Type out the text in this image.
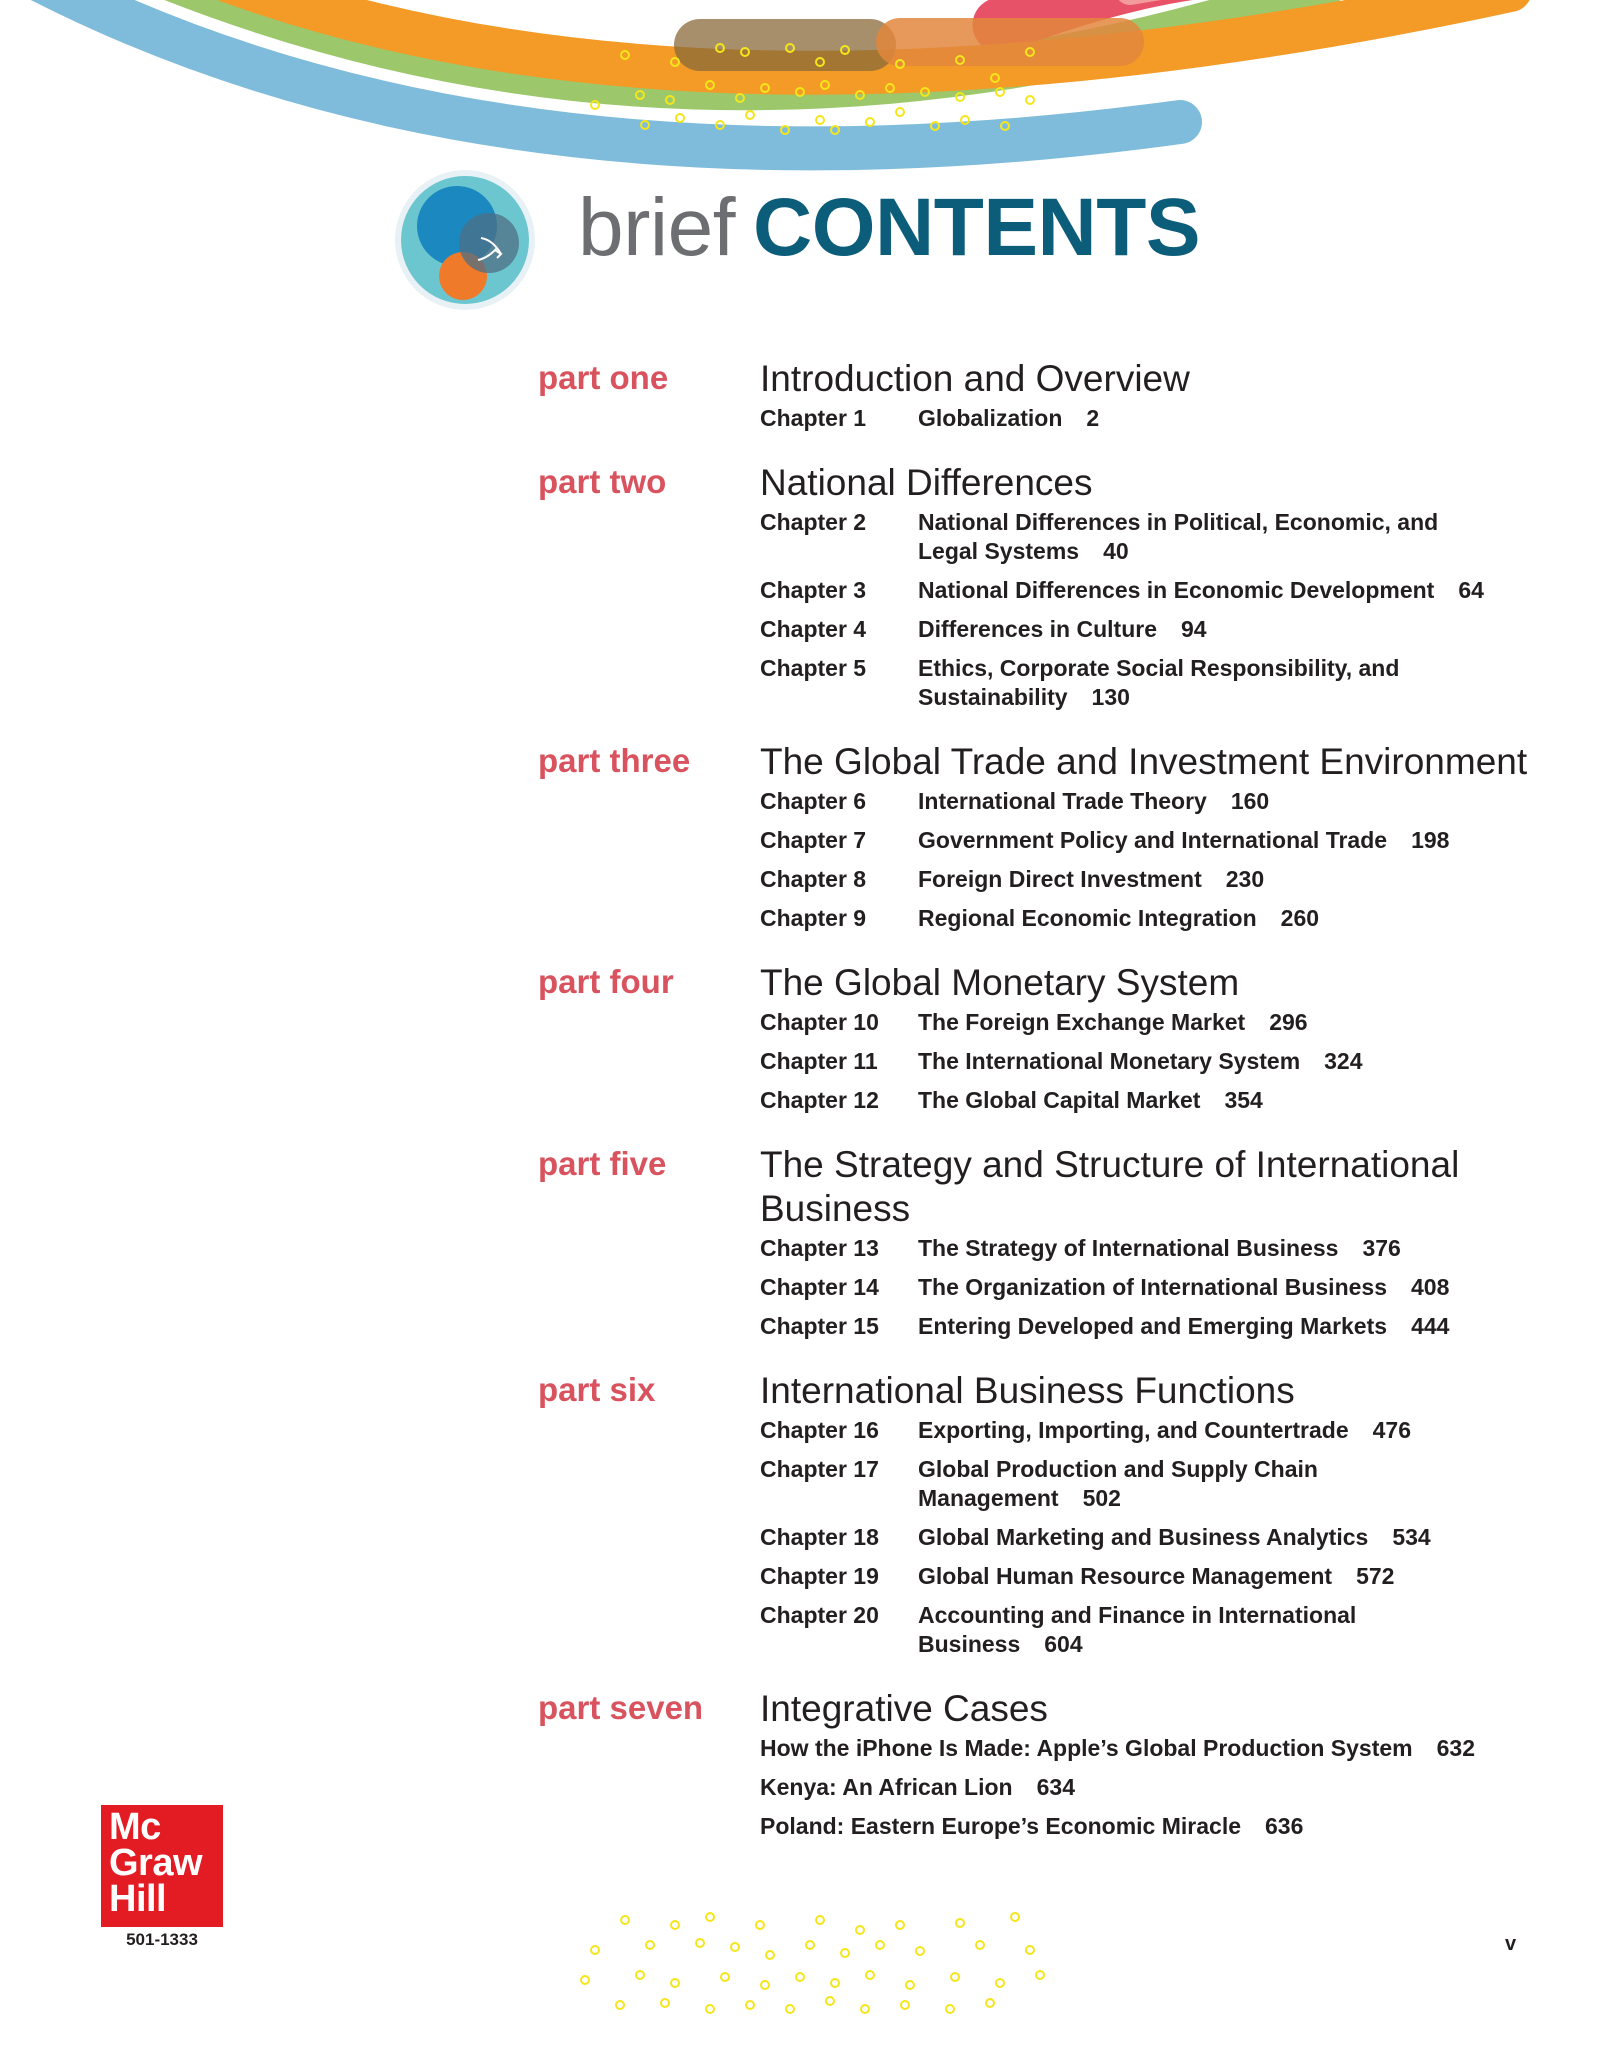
brief CONTENTS
part one	Introduction and Overview
Chapter 1	Globalization 2
part two	National Differences
Chapter 2	National Differences in Political, Economic, and Legal Systems 40
Chapter 3	National Differences in Economic Development 64
Chapter 4	Differences in Culture 94
Chapter 5	Ethics, Corporate Social Responsibility, and Sustainability 130
part three	The Global Trade and Investment Environment
Chapter 6	International Trade Theory 160
Chapter 7	Government Policy and International Trade 198
Chapter 8	Foreign Direct Investment 230
Chapter 9	Regional Economic Integration 260
part four	The Global Monetary System
Chapter 10	The Foreign Exchange Market 296
Chapter 11	The International Monetary System 324
Chapter 12	The Global Capital Market 354
part five	The Strategy and Structure of International Business
Chapter 13	The Strategy of International Business 376
Chapter 14	The Organization of International Business 408
Chapter 15	Entering Developed and Emerging Markets 444
part six	International Business Functions
Chapter 16	Exporting, Importing, and Countertrade 476
Chapter 17	Global Production and Supply Chain Management 502
Chapter 18	Global Marketing and Business Analytics 534
Chapter 19	Global Human Resource Management 572
Chapter 20	Accounting and Finance in International Business 604
part seven	Integrative Cases
How the iPhone Is Made: Apple’s Global Production System 632
Kenya: An African Lion 634
Poland: Eastern Europe’s Economic Miracle 636
Mc
Graw
Hill
501-1333	v
